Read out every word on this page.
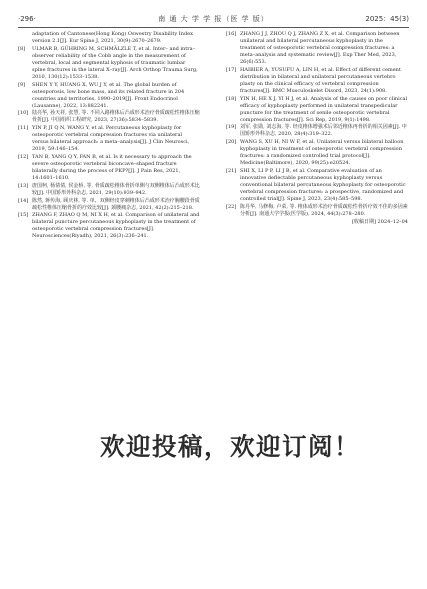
·296·	南 通 大 学 学 报（医 学 版）	2025：45(3)
adaptation of Cantonese(Hong Kong) Oswestry Disability Index version 2.1[J]. Eur Spine J, 2021, 30(9):2670–2679.
[8] ULMAR B, GÜHRING M, SCHMÄLZLE T, et al. Inter– and intra–observer reliability of the Cobb angle in the measurement of vertebral, local and segmental kyphosis of traumatic lumbar spine fractures in the lateral X–ray[J]. Arch Orthop Trauma Surg, 2010, 130(12):1533–1538.
[9] SHEN Y Y, HUANG X, WU J Y, et al. The global burden of osteoporosis, low bone mass, and its related fracture in 204 countries and territories, 1990–2019[J]. Front Endocrinol (Lausanne), 2022, 13:882241.
[10] 陆亮华, 孙天祥, 张慧, 等. 不同入路椎体后凸成形术治疗骨质疏松性椎体压缩骨折[J]. 中国组织工程研究, 2023, 27(36):5834–5839.
[11] YIN P, JI Q N, WANG Y, et al. Percutaneous kyphoplasty for osteoporotic vertebral compression fractures via unilateral versus bilateral approach: a meta–analysis[J]. J Clin Neurosci, 2019, 59:146–154.
[12] TAN B, YANG Q Y, FAN B, et al. Is it necessary to approach the severe osteoporotic vertebral biconcave–shaped fracture bilaterally during the process of PKP?[J]. J Pain Res, 2021, 14:1601–1610.
[13] 唐国柯, 杨倩倩, 侯金桥, 等. 骨质疏松椎体骨折单侧与双侧椎体后凸成形术比较[J]. 中国矫形外科杂志, 2021, 29(10):939–942.
[14] 陈然, 蒋传海, 顾庆林, 等. 单、双侧经皮穿刺椎体后凸成形术治疗胸腰段骨质疏松性椎体压缩骨折的疗效比较[J]. 颈腰痛杂志, 2021, 42(2):215–218.
[15] ZHANG F, ZHAO Q M, NI X H, et al. Comparison of unilateral and bilateral puncture percutaneous kyphoplasty in the treatment of osteoporotic vertebral compression fractures[J]. Neurosciences(Riyadh), 2021, 26(3):236–241.
[16] ZHANG J J, ZHOU Q J, ZHANG Z X, et al. Comparison between unilateral and bilateral percutaneous kyphoplasty in the treatment of osteoporotic vertebral compression fractures: a meta–analysis and systematic review[J]. Exp Ther Med, 2023, 26(6):553.
[17] HAIBIER A, YUSUFU A, LIN H, et al. Effect of different cement distribution in bilateral and unilateral percutaneous vertebro plasty on the clinical efficacy of vertebral compression fractures[J]. BMC Musculoskelet Disord, 2023, 24(1):908.
[18] YIN H, HE X J, YI H J, et al. Analysis of the causes on poor clinical efficacy of kyphoplasty performed in unilateral transpedicular puncture for the treatment of senile osteoporotic vertebral compression fractures[J]. Sci Rep, 2019, 9(1):1498.
[19] 刘军, 张勋, 刘志海, 等. 经皮椎体增强术后邻近椎体再骨折的相关因素[J]. 中国矫形外科杂志, 2020, 28(4):319–322.
[20] WANG S, XU H, NI W F, et al. Unilateral versus bilateral balloon kyphoplasty in treatment of osteoporotic vertebral compression fractures: a randomized controlled trial protocol[J]. Medicine(Baltimore), 2020, 99(25):e20524.
[21] SHI X, LI P P, LI J B, et al. Comparative evaluation of an innovative deflectable percutaneous kyphoplasty versus conventional bilateral percutaneous kyphoplasty for osteoporotic vertebral compression fractures: a prospective, randomized and controlled trial[J]. Spine J, 2023, 23(4):585–598.
[22] 陈丹华, 马修梅, 卢菜, 等. 椎体成形术治疗骨质疏松性骨折疗效不佳的多因素分析[J]. 南通大学学报(医学版), 2024, 44(3):278–280.
[收稿日期] 2024–12–04
欢迎投稿，欢迎订阅！
